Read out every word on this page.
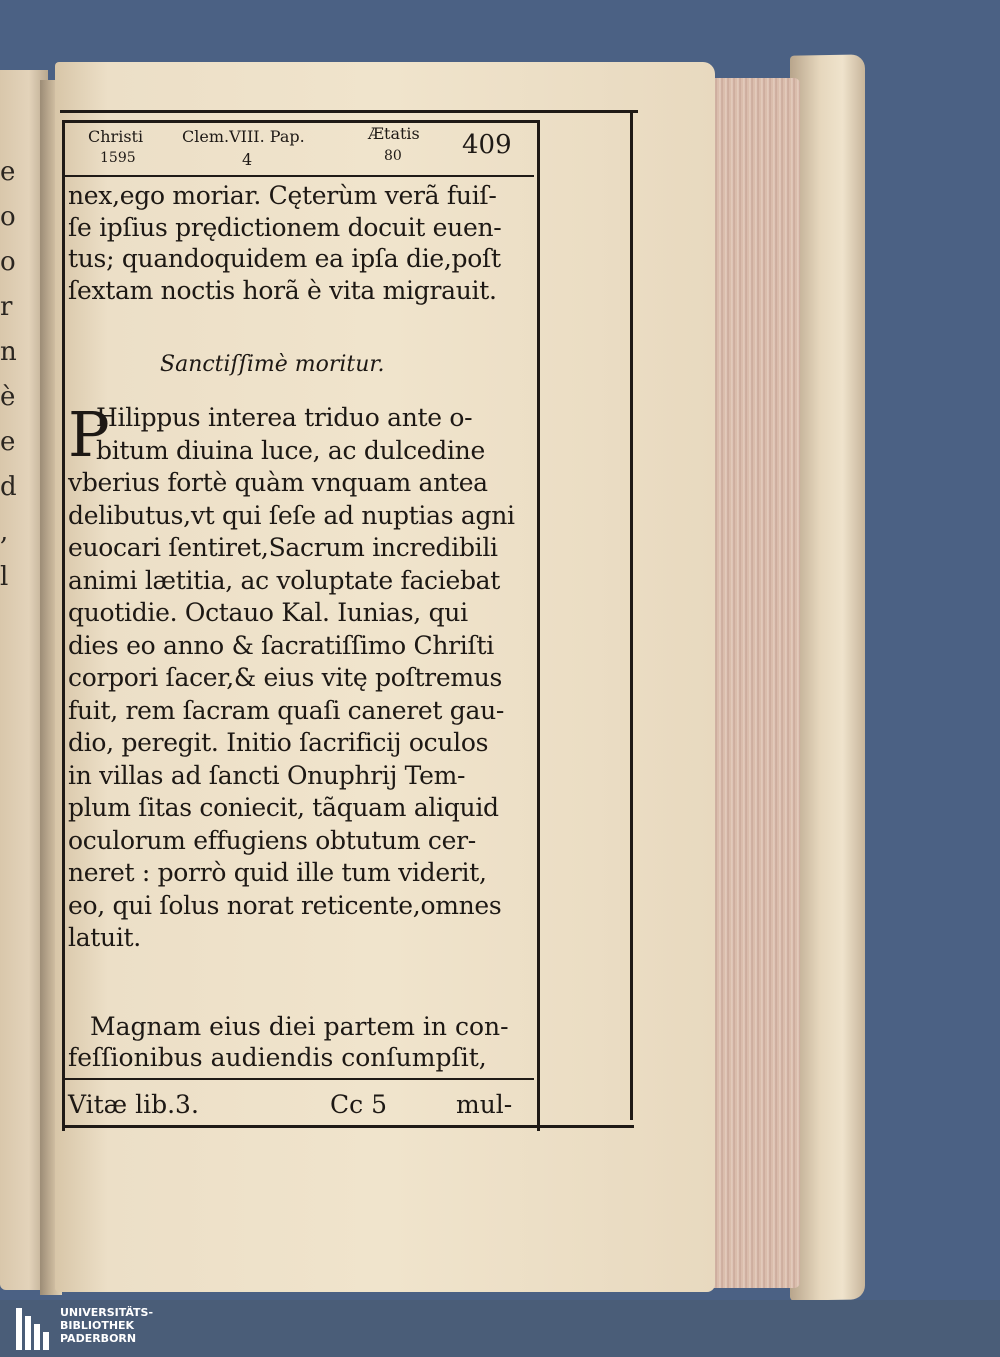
e
o
o
r
n
è
e
d
,
l
Christi
1595
Clem.VIII. Pap.
4
Ætatis
80 409
nex,ego moriar. Cęterùm verã fuiſ-
ſe ipſius prędictionem docuit euen-
tus; quandoquidem ea ipſa die,poſt
ſextam noctis horã è vita migrauit.
Sanctiſſimè moritur.
P
Hilippus interea triduo ante o-
bitum diuina luce, ac dulcedine
vberius fortè quàm vnquam antea
delibutus,vt qui ſeſe ad nuptias agni
euocari ſentiret,Sacrum incredibili
animi lætitia, ac voluptate faciebat
quotidie. Octauo Kal. Iunias, qui
dies eo anno & ſacratiſſimo Chriſti
corpori ſacer,& eius vitę poſtremus
fuit, rem ſacram quaſi caneret gau-
dio, peregit. Initio ſacrificij oculos
in villas ad ſancti Onuphrij Tem-
plum ſitas coniecit, tãquam aliquid
oculorum effugiens obtutum cer-
neret : porrò quid ille tum viderit,
eo, qui ſolus norat reticente,omnes
latuit.
Magnam eius diei partem in con-
feſſionibus audiendis conſumpſit,
Vitæ lib.3.	Cc 5	mul-
UNIVERSITÄTS-
BIBLIOTHEK
PADERBORN
